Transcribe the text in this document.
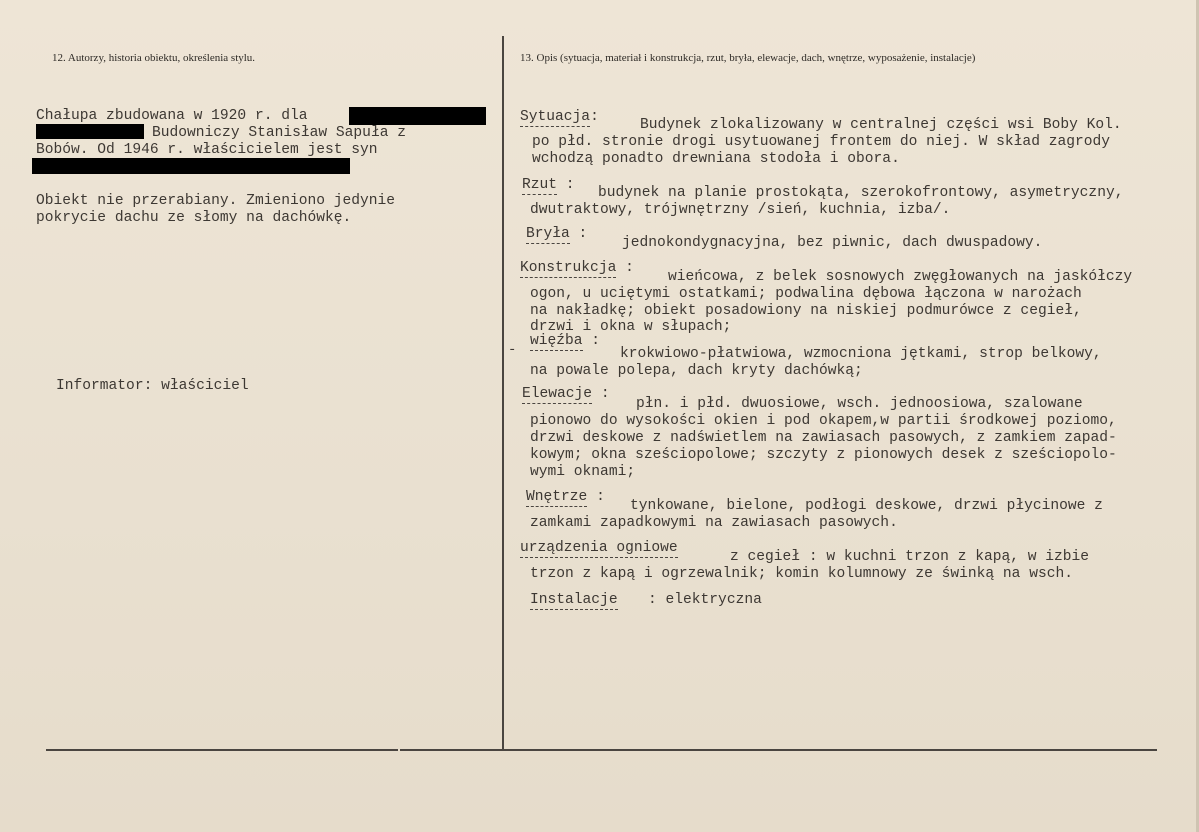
12. Autorzy, historia obiektu, określenia stylu.	13. Opis (sytuacja, materiał i konstrukcja, rzut, bryła, elewacje, dach, wnętrze, wyposażenie, instalacje)
Chałupa zbudowana w 1920 r. dla
Budowniczy Stanisław Sapuła z
Bobów. Od 1946 r. właścicielem jest syn
Obiekt nie przerabiany. Zmieniono jedynie
pokrycie dachu ze słomy na dachówkę.
Informator: właściciel
Sytuacja:	Budynek zlokalizowany w centralnej części wsi Boby Kol.
po płd. stronie drogi usytuowanej frontem do niej. W skład zagrody
wchodzą ponadto drewniana stodoła i obora.
Rzut : budynek na planie prostokąta, szerokofrontowy, asymetryczny,
dwutraktowy, trójwnętrzny /sień, kuchnia, izba/.
Bryła :
jednokondygnacyjna, bez piwnic, dach dwuspadowy.
Konstrukcja :
wieńcowa, z belek sosnowych zwęgłowanych na jaskółczy
ogon, u uciętymi ostatkami; podwalina dębowa łączona w narożach
na nakładkę; obiekt posadowiony na niskiej podmurówce z cegieł,
drzwi i okna w słupach;
-
więźba :
krokwiowo-płatwiowa, wzmocniona jętkami, strop belkowy,
na powale polepa, dach kryty dachówką;
Elewacje :
płn. i płd. dwuosiowe, wsch. jednoosiowa, szalowane
pionowo do wysokości okien i pod okapem,w partii środkowej poziomo,
drzwi deskowe z nadświetlem na zawiasach pasowych, z zamkiem zapad-
kowym; okna sześciopolowe; szczyty z pionowych desek z sześciopolo-
wymi oknami;
Wnętrze :
tynkowane, bielone, podłogi deskowe, drzwi płycinowe z
zamkami zapadkowymi na zawiasach pasowych.
urządzenia ogniowe
z cegieł : w kuchni trzon z kapą, w izbie
trzon z kapą i ogrzewalnik; komin kolumnowy ze świnką na wsch.
Instalacje : elektryczna
